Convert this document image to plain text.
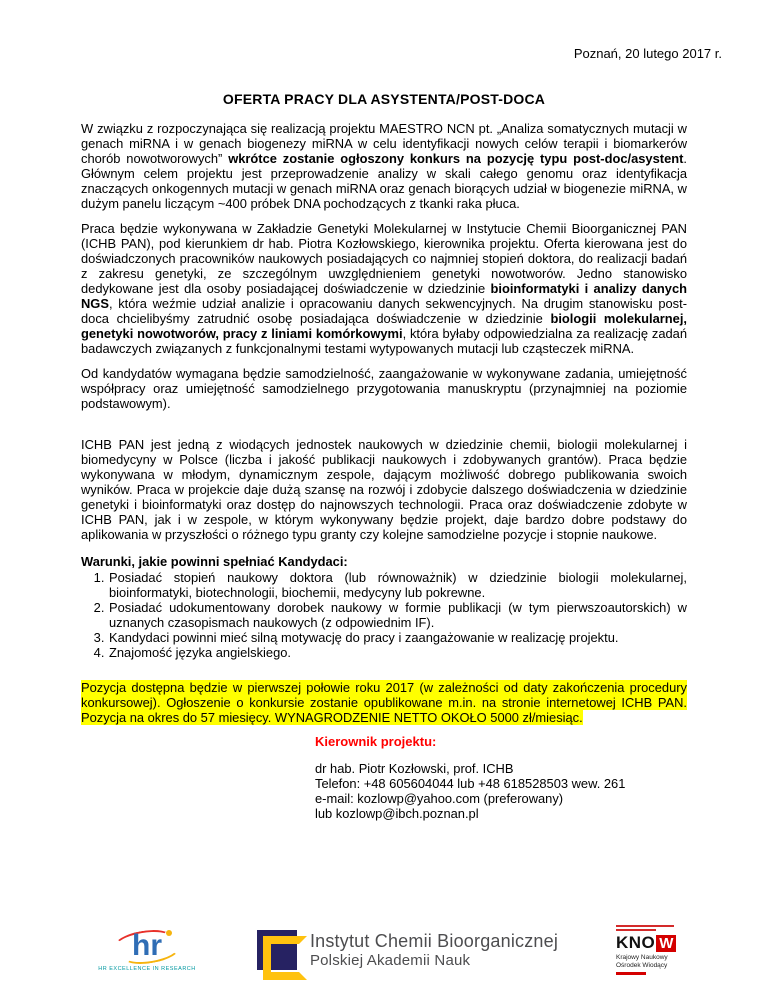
Poznań, 20 lutego 2017 r.
OFERTA PRACY DLA ASYSTENTA/POST-DOCA

W związku z rozpoczynająca się realizacją projektu MAESTRO NCN pt. „Analiza somatycznych mutacji w genach miRNA i w genach biogenezy miRNA w celu identyfikacji nowych celów terapii i biomarkerów chorób nowotworowych” wkrótce zostanie ogłoszony konkurs na pozycję typu post-doc/asystent. Głównym celem projektu jest przeprowadzenie analizy w skali całego genomu oraz identyfikacja znaczących onkogennych mutacji w genach miRNA oraz genach biorących udział w biogenezie miRNA, w dużym panelu liczącym ~400 próbek DNA pochodzących z tkanki raka płuca.

Praca będzie wykonywana w Zakładzie Genetyki Molekularnej w Instytucie Chemii Bioorganicznej PAN (ICHB PAN), pod kierunkiem dr hab. Piotra Kozłowskiego, kierownika projektu. Oferta kierowana jest do doświadczonych pracowników naukowych posiadających co najmniej stopień doktora, do realizacji badań z zakresu genetyki, ze szczególnym uwzględnieniem genetyki nowotworów. Jedno stanowisko dedykowane jest dla osoby posiadającej doświadczenie w dziedzinie bioinformatyki i analizy danych NGS, która weźmie udział analizie i opracowaniu danych sekwencyjnych. Na drugim stanowisku post-doca chcielibyśmy zatrudnić osobę posiadająca doświadczenie w dziedzinie biologii molekularnej, genetyki nowotworów, pracy z liniami komórkowymi, która byłaby odpowiedzialna za realizację zadań badawczych związanych z funkcjonalnymi testami wytypowanych mutacji lub cząsteczek miRNA.

Od kandydatów wymagana będzie samodzielność, zaangażowanie w wykonywane zadania, umiejętność współpracy oraz umiejętność samodzielnego przygotowania manuskryptu (przynajmniej na poziomie podstawowym).

ICHB PAN jest jedną z wiodących jednostek naukowych w dziedzinie chemii, biologii molekularnej i biomedycyny w Polsce (liczba i jakość publikacji naukowych i zdobywanych grantów). Praca będzie wykonywana w młodym, dynamicznym zespole, dającym możliwość dobrego publikowania swoich wyników. Praca w projekcie daje dużą szansę na rozwój i zdobycie dalszego doświadczenia w dziedzinie genetyki i bioinformatyki oraz dostęp do najnowszych technologii. Praca oraz doświadczenie zdobyte w ICHB PAN, jak i w zespole, w którym wykonywany będzie projekt, daje bardzo dobre podstawy do aplikowania w przyszłości o różnego typu granty czy kolejne samodzielne pozycje i stopnie naukowe.

Warunki, jakie powinni spełniać Kandydaci:

1. Posiadać stopień naukowy doktora (lub równoważnik) w dziedzinie biologii molekularnej, bioinformatyki, biotechnologii, biochemii, medycyny lub pokrewne.
2. Posiadać udokumentowany dorobek naukowy w formie publikacji (w tym pierwszoautorskich) w uznanych czasopismach naukowych (z odpowiednim IF).
3. Kandydaci powinni mieć silną motywację do pracy i zaangażowanie w realizację projektu.
4. Znajomość języka angielskiego.

Pozycja dostępna będzie w pierwszej połowie roku 2017 (w zależności od daty zakończenia procedury konkursowej). Ogłoszenie o konkursie zostanie opublikowane m.in. na stronie internetowej ICHB PAN. Pozycja na okres do 57 miesięcy. WYNAGRODZENIE NETTO OKOŁO 5000 zł/miesiąc.

Kierownik projektu:
dr hab. Piotr Kozłowski, prof. ICHB
Telefon: +48 605604044 lub +48 618528503 wew. 261
e-mail: kozlowp@yahoo.com (preferowany)
lub kozlowp@ibch.poznan.pl
hr
HR EXCELLENCE IN RESEARCH
Instytut Chemii Bioorganicznej
Polskiej Akademii Nauk
KNO W
Krajowy Naukowy
Ośrodek Wiodący
